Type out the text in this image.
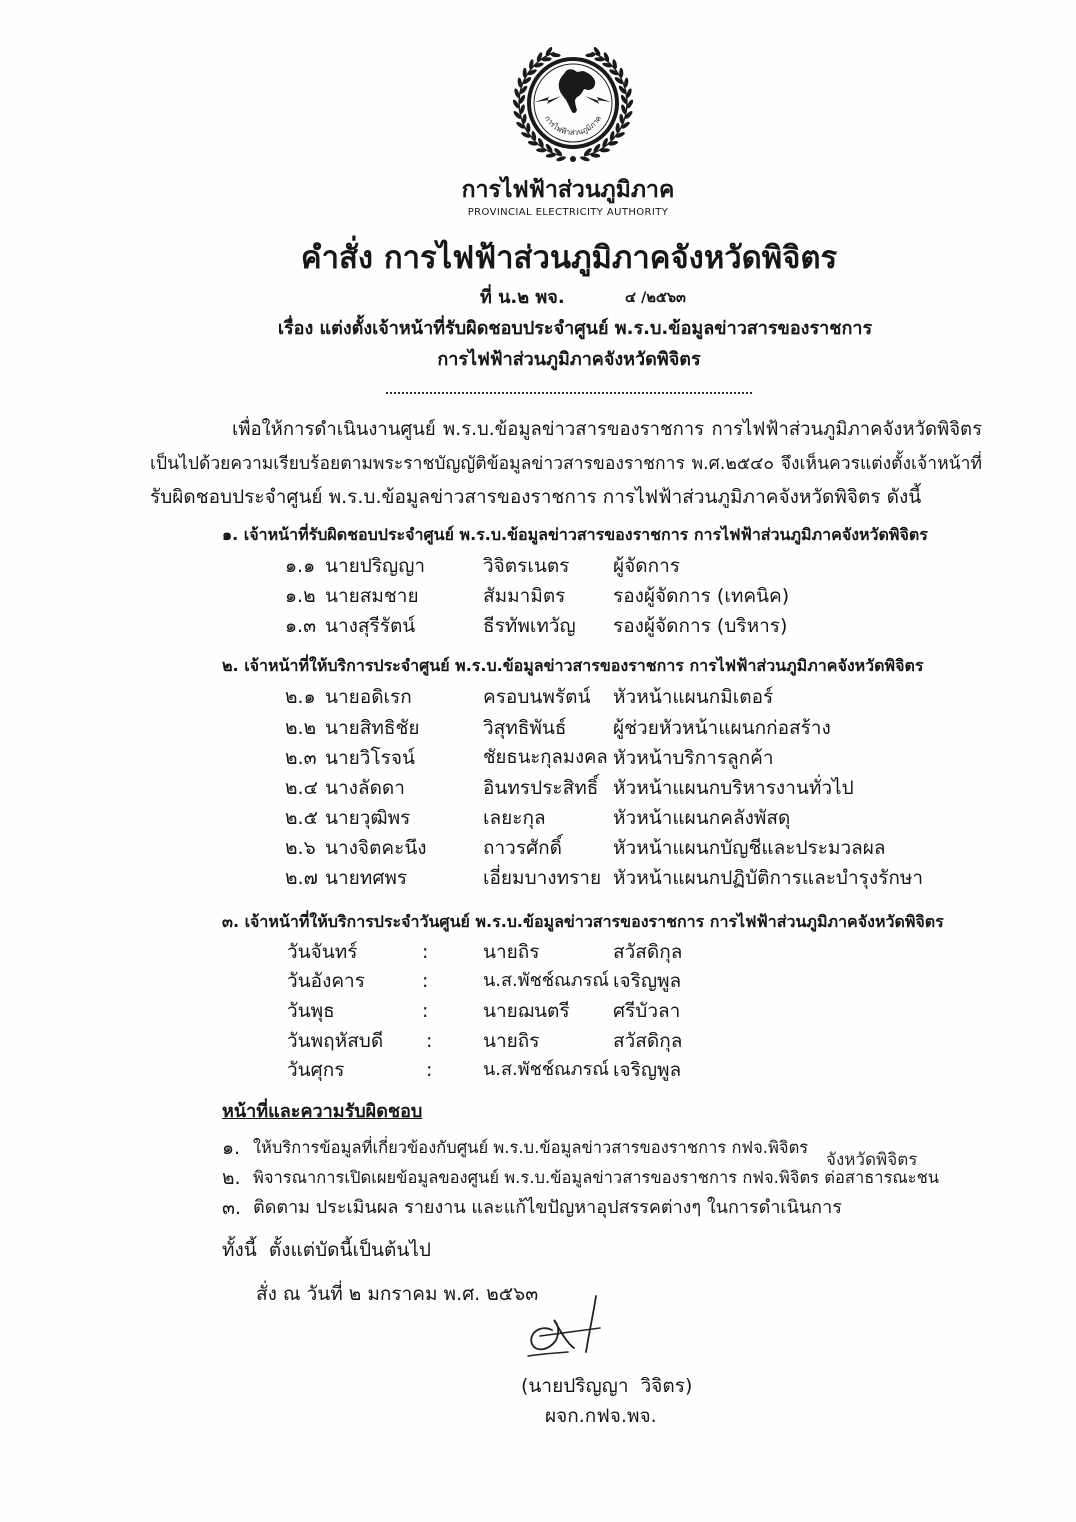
การไฟฟ้าส่วนภูมิภาค
การไฟฟ้าส่วนภูมิภาค
PROVINCIAL ELECTRICITY AUTHORITY
คำสั่ง การไฟฟ้าส่วนภูมิภาคจังหวัดพิจิตร
ที่ น.๒ พจ.	๔ /๒๕๖๓
เรื่อง แต่งตั้งเจ้าหน้าที่รับผิดชอบประจำศูนย์ พ.ร.บ.ข้อมูลข่าวสารของราชการ
การไฟฟ้าส่วนภูมิภาคจังหวัดพิจิตร
เพื่อให้การดำเนินงานศูนย์ พ.ร.บ.ข้อมูลข่าวสารของราชการ การไฟฟ้าส่วนภูมิภาคจังหวัดพิจิตร
เป็นไปด้วยความเรียบร้อยตามพระราชบัญญัติข้อมูลข่าวสารของราชการ พ.ศ.๒๕๔๐ จึงเห็นควรแต่งตั้งเจ้าหน้าที่
รับผิดชอบประจำศูนย์ พ.ร.บ.ข้อมูลข่าวสารของราชการ การไฟฟ้าส่วนภูมิภาคจังหวัดพิจิตร ดังนี้
๑. เจ้าหน้าที่รับผิดชอบประจำศูนย์ พ.ร.บ.ข้อมูลข่าวสารของราชการ การไฟฟ้าส่วนภูมิภาคจังหวัดพิจิตร
๑.๑ นายปริญญา	วิจิตรเนตร	ผู้จัดการ
๑.๒ นายสมชาย	สัมมามิตร	รองผู้จัดการ (เทคนิค)
๑.๓ นางสุรีรัตน์	ธีรทัพเทวัญ	รองผู้จัดการ (บริหาร)
๒. เจ้าหน้าที่ให้บริการประจำศูนย์ พ.ร.บ.ข้อมูลข่าวสารของราชการ การไฟฟ้าส่วนภูมิภาคจังหวัดพิจิตร
๒.๑ นายอดิเรก	ครอบนพรัตน์	หัวหน้าแผนกมิเตอร์
๒.๒ นายสิทธิชัย	วิสุทธิพันธ์	ผู้ช่วยหัวหน้าแผนกก่อสร้าง
๒.๓ นายวิโรจน์	ชัยธนะกุลมงคล หัวหน้าบริการลูกค้า
๒.๔ นางลัดดา	อินทรประสิทธิ์ หัวหน้าแผนกบริหารงานทั่วไป
๒.๕ นายวุฒิพร	เลยะกุล	หัวหน้าแผนกคลังพัสดุ
๒.๖ นางจิตคะนึง	ถาวรศักดิ์	หัวหน้าแผนกบัญชีและประมวลผล
๒.๗ นายทศพร	เอี่ยมบางทราย หัวหน้าแผนกปฏิบัติการและบำรุงรักษา
๓. เจ้าหน้าที่ให้บริการประจำวันศูนย์ พ.ร.บ.ข้อมูลข่าวสารของราชการ การไฟฟ้าส่วนภูมิภาคจังหวัดพิจิตร
วันจันทร์	:	นายถิร	สวัสดิกุล
วันอังคาร	:	น.ส.พัชช์ณภรณ์ เจริญพูล
วันพุธ	:	นายฌนตรี	ศรีบัวลา
วันพฤหัสบดี	:	นายถิร	สวัสดิกุล
วันศุกร	:	น.ส.พัชช์ณภรณ์ เจริญพูล
หน้าที่และความรับผิดชอบ
๑. ให้บริการข้อมูลที่เกี่ยวข้องกับศูนย์ พ.ร.บ.ข้อมูลข่าวสารของราชการ กฟจ.พิจิตร
จังหวัดพิจิตร
๒. พิจารณาการเปิดเผยข้อมูลของศูนย์ พ.ร.บ.ข้อมูลข่าวสารของราชการ กฟจ.พิจิตร ต่อสาธารณะชน
๓. ติดตาม ประเมินผล รายงาน และแก้ไขปัญหาอุปสรรคต่างๆ ในการดำเนินการ
ทั้งนี้  ตั้งแต่บัดนี้เป็นต้นไป
สั่ง ณ วันที่ ๒ มกราคม พ.ศ. ๒๕๖๓
(นายปริญญา  วิจิตร)
ผจก.กฟจ.พจ.
